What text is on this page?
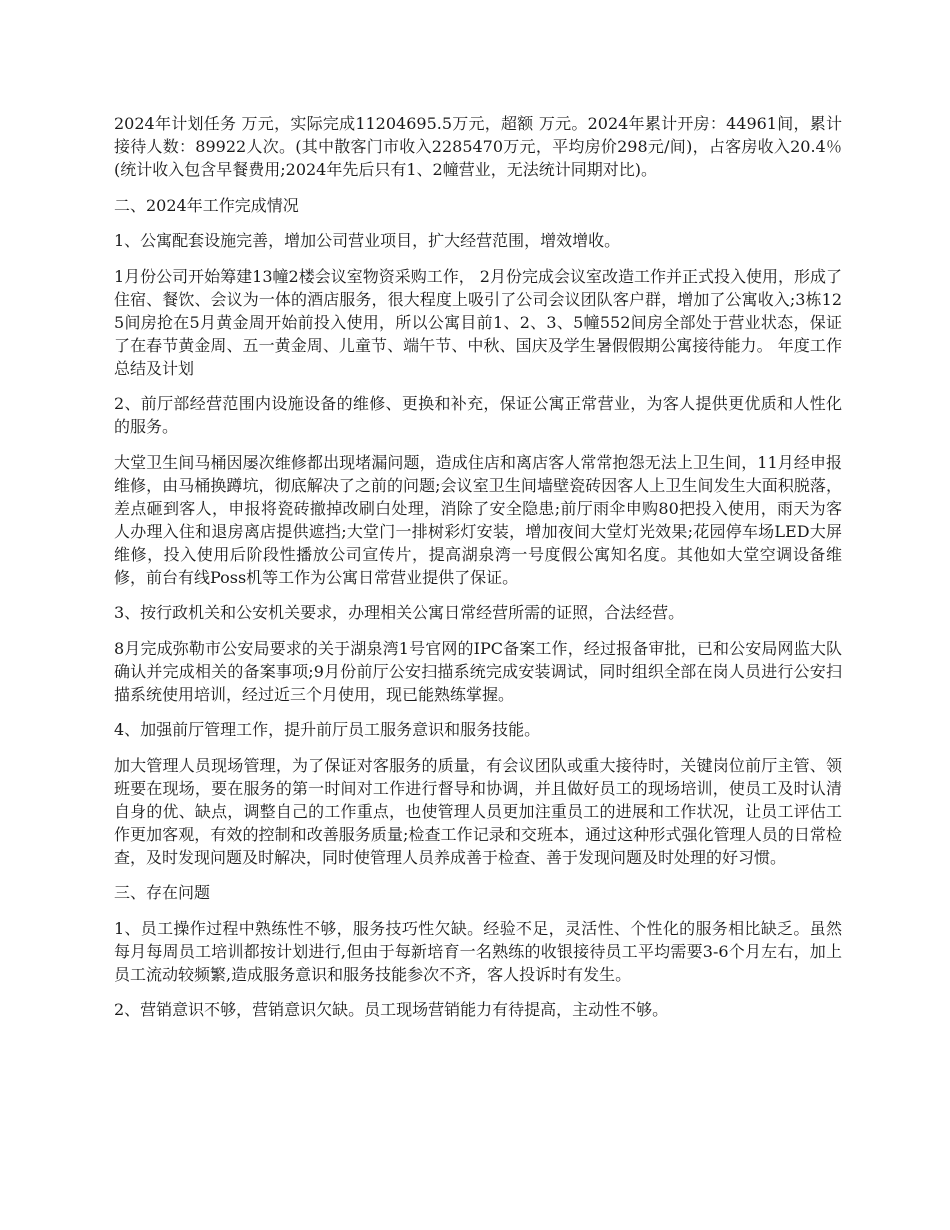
2024年计划任务 万元，实际完成11204695.5万元，超额 万元。2024年累计开房：44961间，累计接待人数：89922人次。(其中散客门市收入2285470万元，平均房价298元/间)，占客房收入20.4％(统计收入包含早餐费用;2024年先后只有1、2幢营业，无法统计同期对比)。

二、2024年工作完成情况

1、公寓配套设施完善，增加公司营业项目，扩大经营范围，增效增收。

1月份公司开始筹建13幢2楼会议室物资采购工作， 2月份完成会议室改造工作并正式投入使用，形成了住宿、餐饮、会议为一体的酒店服务，很大程度上吸引了公司会议团队客户群，增加了公寓收入;3栋125间房抢在5月黄金周开始前投入使用，所以公寓目前1、2、3、5幢552间房全部处于营业状态，保证了在春节黄金周、五一黄金周、儿童节、端午节、中秋、国庆及学生暑假假期公寓接待能力。 年度工作总结及计划

2、前厅部经营范围内设施设备的维修、更换和补充，保证公寓正常营业，为客人提供更优质和人性化的服务。

大堂卫生间马桶因屡次维修都出现堵漏问题，造成住店和离店客人常常抱怨无法上卫生间，11月经申报维修，由马桶换蹲坑，彻底解决了之前的问题;会议室卫生间墙壁瓷砖因客人上卫生间发生大面积脱落，差点砸到客人，申报将瓷砖撤掉改刷白处理，消除了安全隐患;前厅雨伞申购80把投入使用，雨天为客人办理入住和退房离店提供遮挡;大堂门一排树彩灯安装，增加夜间大堂灯光效果;花园停车场LED大屏维修，投入使用后阶段性播放公司宣传片，提高湖泉湾一号度假公寓知名度。其他如大堂空调设备维修，前台有线Poss机等工作为公寓日常营业提供了保证。

3、按行政机关和公安机关要求，办理相关公寓日常经营所需的证照，合法经营。

8月完成弥勒市公安局要求的关于湖泉湾1号官网的IPC备案工作，经过报备审批，已和公安局网监大队确认并完成相关的备案事项;9月份前厅公安扫描系统完成安装调试，同时组织全部在岗人员进行公安扫描系统使用培训，经过近三个月使用，现已能熟练掌握。

4、加强前厅管理工作，提升前厅员工服务意识和服务技能。

加大管理人员现场管理，为了保证对客服务的质量，有会议团队或重大接待时，关键岗位前厅主管、领班要在现场，要在服务的第一时间对工作进行督导和协调，并且做好员工的现场培训，使员工及时认清自身的优、缺点，调整自己的工作重点，也使管理人员更加注重员工的进展和工作状况，让员工评估工作更加客观，有效的控制和改善服务质量;检查工作记录和交班本，通过这种形式强化管理人员的日常检查，及时发现问题及时解决，同时使管理人员养成善于检查、善于发现问题及时处理的好习惯。

三、存在问题

1、员工操作过程中熟练性不够，服务技巧性欠缺。经验不足，灵活性、个性化的服务相比缺乏。虽然每月每周员工培训都按计划进行,但由于每新培育一名熟练的收银接待员工平均需要3-6个月左右，加上员工流动较频繁,造成服务意识和服务技能参次不齐，客人投诉时有发生。

2、营销意识不够，营销意识欠缺。员工现场营销能力有待提高，主动性不够。
